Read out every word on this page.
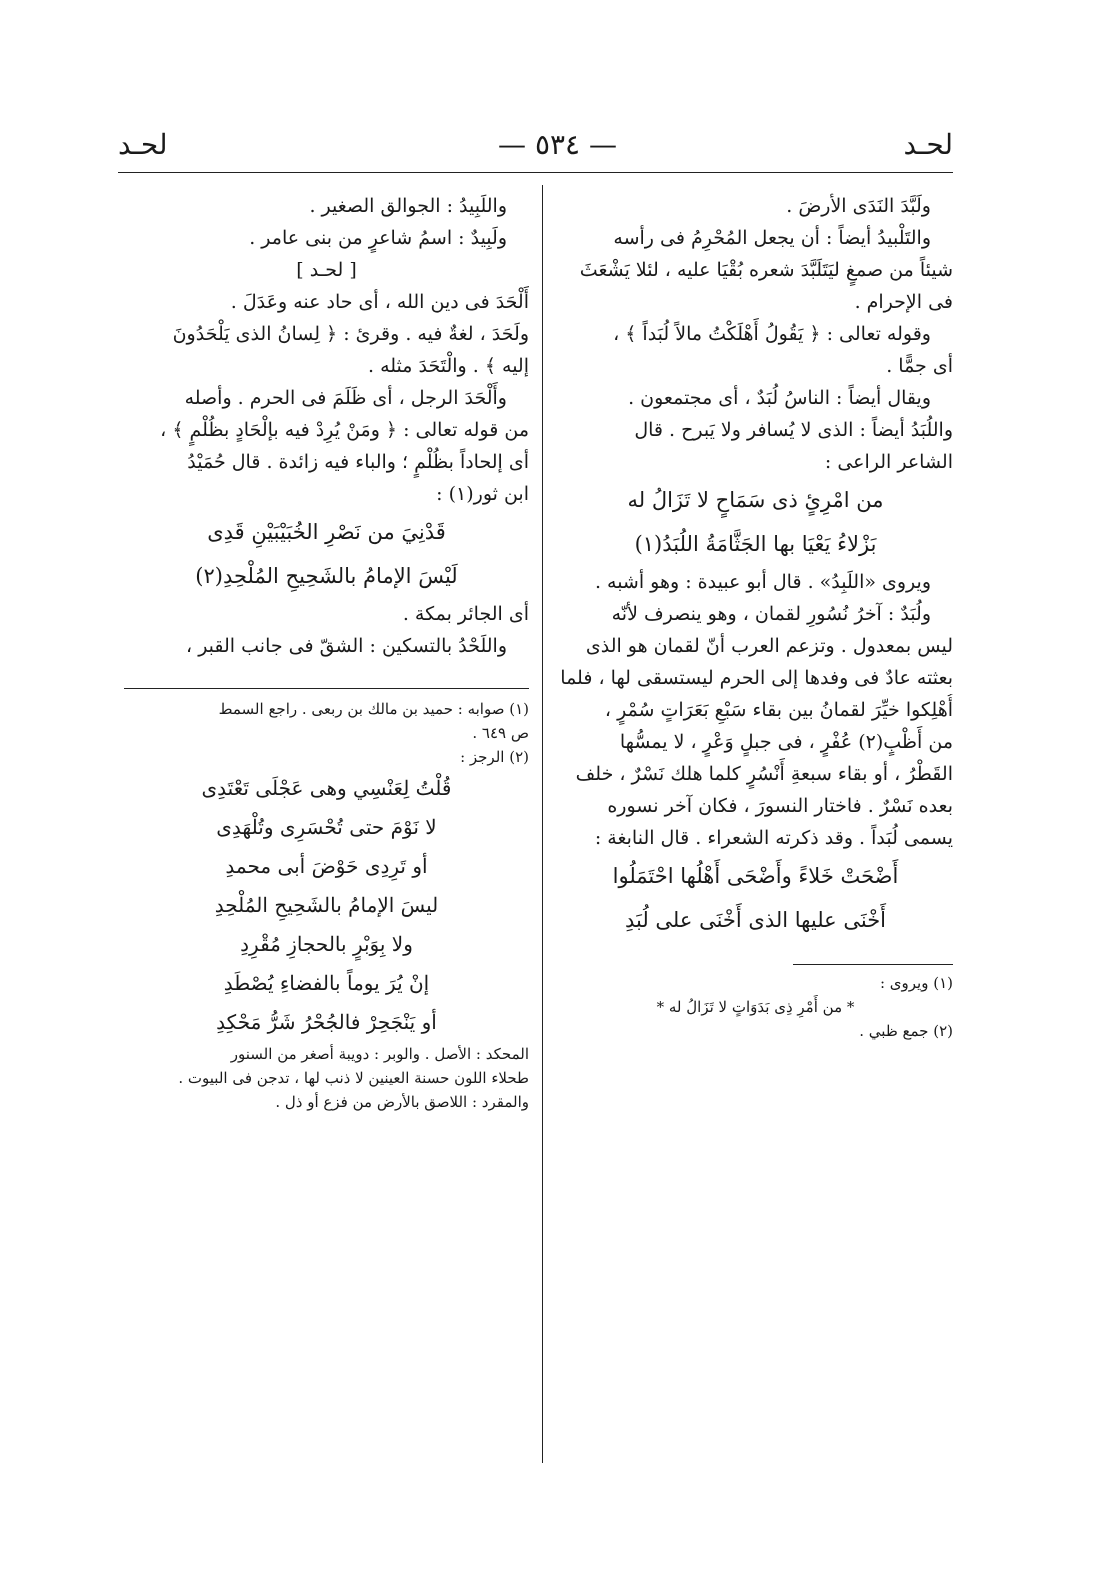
لحـد
— ٥٣٤ —
لحـد
ولَبَّدَ النَدَى الأرضَ .
والتَلْبيدُ أيضاً : أن يجعل المُحْرِمُ فى رأسه
شيئاً من صمغٍ ليَتَلَبَّدَ شعره بُقْيَا عليه ، لئلا يَشْعَثَ
فى الإحرام .
وقوله تعالى : ﴿ يَقُولُ أَهْلَكْتُ مالاً لُبَداً ﴾ ،
أى جمًّا .
ويقال أيضاً : الناسُ لُبَدٌ ، أى مجتمعون .
واللُبَدُ أيضاً : الذى لا يُسافر ولا يَبرح . قال
الشاعر الراعى :
من امْرِئٍ ذى سَمَاحٍ لا تَزَالُ له
بَزْلاءُ يَعْيَا بها الجَثَّامَةُ اللُبَدُ(١)
ويروى «اللَبِدُ» . قال أبو عبيدة : وهو أشبه .
ولُبَدٌ : آخرُ نُسُورِ لقمان ، وهو ينصرف لأنّه
ليس بمعدول . وتزعم العرب أنّ لقمان هو الذى
بعثته عادٌ فى وفدها إلى الحرم ليستسقى لها ، فلما
أُهْلِكوا خيِّرَ لقمانُ بين بقاء سَبْعِ بَعَرَاتٍ سُمْرٍ ،
من أَظْبٍ(٢) عُفْرٍ ، فى جبلٍ وَعْرٍ ، لا يمسُّها
القَطْرُ ، أو بقاء سبعةِ أَنْسُرٍ كلما هلك نَسْرٌ ، خلف
بعده نَسْرٌ . فاختار النسورَ ، فكان آخر نسوره
يسمى لُبَداً . وقد ذكرته الشعراء . قال النابغة :
أَضْحَتْ خَلاءً وأَضْحَى أَهْلُها احْتَمَلُوا
أَخْنَى عليها الذى أَخْنَى على لُبَدِ
(١) ويروى :
* من أَمْرِ ذِى بَدَوَاتٍ لا تَزَالُ له *
(٢) جمع ظبي .
واللَبِيدُ : الجوالق الصغير .
ولَبِيدٌ : اسمُ شاعرٍ من بنى عامر .
[ لحـد ]
أَلْحَدَ فى دين الله ، أى حاد عنه وعَدَلَ .
ولَحَدَ ، لغةٌ فيه . وقرئ : ﴿ لِسانُ الذى يَلْحَدُونَ
إليه ﴾ . والْتَحَدَ مثله .
وأَلْحَدَ الرجل ، أى ظَلَمَ فى الحرم . وأصله
من قوله تعالى : ﴿ ومَنْ يُرِدْ فيه بإلْحَادٍ بظُلْمٍ ﴾ ،
أى إلحاداً بظُلْمٍ ؛ والباء فيه زائدة . قال حُمَيْدُ
ابن ثور(١) :
قَدْنِيَ من نَصْرِ الخُبَيْبَيْنِ قَدِى
لَيْسَ الإمامُ بالشَحِيحِ المُلْحِدِ(٢)
أى الجائر بمكة .
واللَحْدُ بالتسكين : الشقّ فى جانب القبر ،
(١) صوابه : حميد بن مالك بن ربعى . راجع السمط
ص ٦٤٩ .
(٢) الرجز :
قُلْتُ لِعَنْسِي وهى عَجْلَى تَعْتَدِى
لا نَوْمَ حتى تُحْسَرِى وتُلْهَدِى
أو تَرِدِى حَوْضَ أبى محمدِ
ليسَ الإمامُ بالشَحِيحِ المُلْحِدِ
ولا بِوَبْرٍ بالحجازِ مُقْرِدِ
إنْ يُرَ يوماً بالفضاءِ يُصْطَدِ
أو يَنْجَحِرْ فالجُحْرُ شَرُّ مَحْكِدِ
المحكد : الأصل . والوبر : دويبة أصغر من السنور
طحلاء اللون حسنة العينين لا ذنب لها ، تدجن فى البيوت .
والمقرد : اللاصق بالأرض من فزع أو ذل .
